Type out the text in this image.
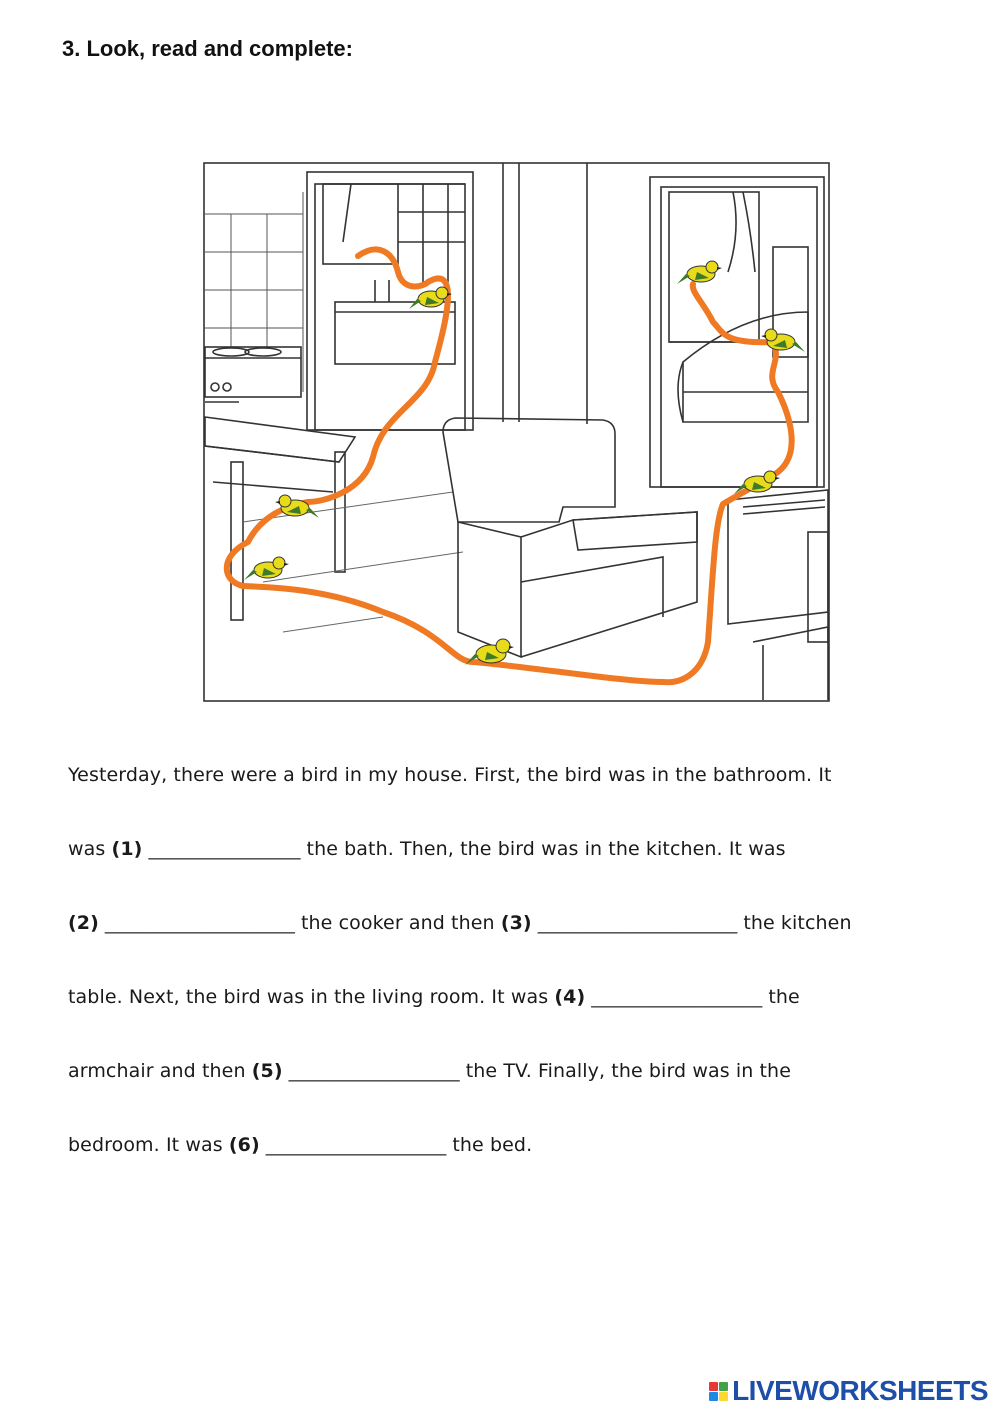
3. Look, read and complete:
Yesterday, there were a bird in my house. First, the bird was in the bathroom. It
was (1) ________________ the bath. Then, the bird was in the kitchen. It was
(2) ____________________ the cooker and then (3) _____________________ the kitchen
table. Next, the bird was in the living room. It was (4) __________________ the
armchair and then (5) __________________ the TV. Finally, the bird was in the
bedroom. It was (6) ___________________ the bed.
LIVEWORKSHEETS
